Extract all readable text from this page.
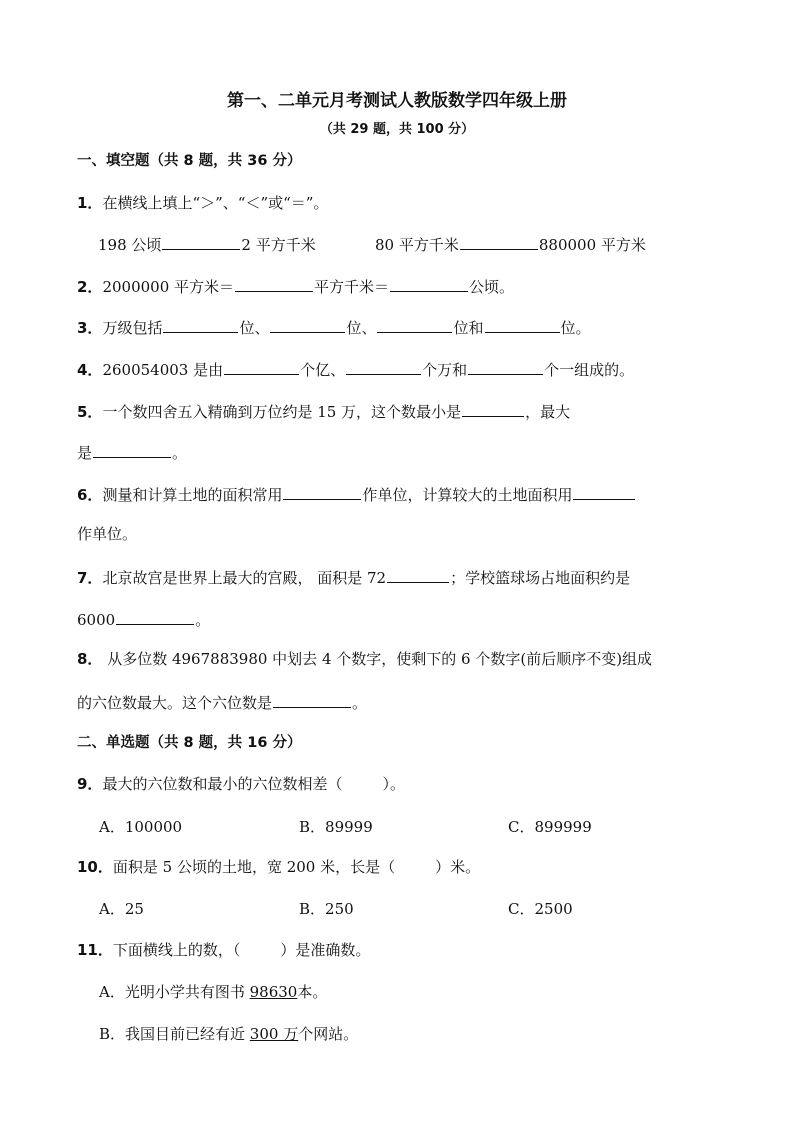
第一、二单元月考测试人教版数学四年级上册
（共 29 题，共 100 分）
一、填空题（共 8 题，共 36 分）
1．在横线上填上“＞”、“＜”或“＝”。
198 公顷	2 平方千米	80 平方千米	880000 平方米
2．2000000 平方米＝	平方千米＝	公顷。
3．万级包括	位、	位、	位和	位。
4．260054003 是由	个亿、	个万和	个一组成的。
5．一个数四舍五入精确到万位约是 15 万，这个数最小是	，最大
是	。
6．测量和计算土地的面积常用	作单位，计算较大的土地面积用
作单位。
7．北京故宫是世界上最大的宫殿， 面积是 72	；学校篮球场占地面积约是
6000	。
8． 从多位数 4967883980 中划去 4 个数字，使剩下的 6 个数字(前后顺序不变)组成
的六位数最大。这个六位数是	。
二、单选题（共 8 题，共 16 分）
9．最大的六位数和最小的六位数相差（	）。
A．100000	B．89999	C．899999
10．面积是 5 公顷的土地，宽 200 米，长是（	）米。
A．25	B．250	C．2500
11．下面横线上的数，（	）是准确数。
A．光明小学共有图书 98630本。
B．我国目前已经有近 300 万个网站。
